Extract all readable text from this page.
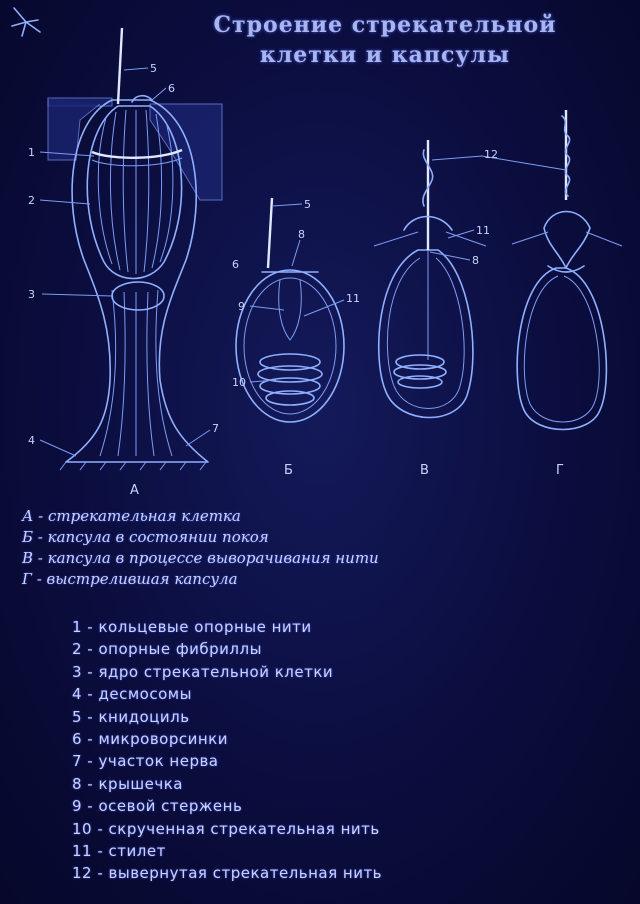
Строение стрекательной
клетки и капсулы
1
2
3
4
5
6
7
5
8
6
9
11
10
11
8
12
А
Б	В	Г
А - стрекательная клетка
Б - капсула в состоянии покоя
В - капсула в процессе выворачивания нити
Г - выстрелившая капсула
1 - кольцевые опорные нити
2 - опорные фибриллы
3 - ядро стрекательной клетки
4 - десмосомы
5 - книдоциль
6 - микроворсинки
7 - участок нерва
8 - крышечка
9 - осевой стержень
10 - скрученная стрекательная нить
11 - стилет
12 - вывернутая стрекательная нить
